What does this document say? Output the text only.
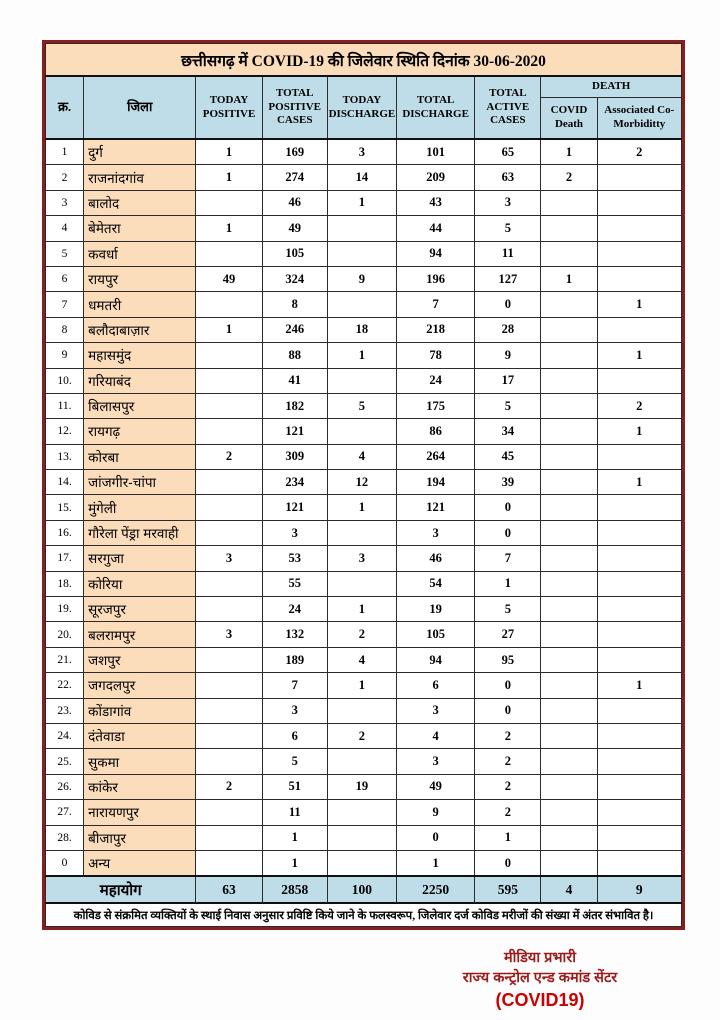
छत्तीसगढ़ में COVID-19 की जिलेवार स्थिति दिनांक 30-06-2020								
क्र.	जिला	TODAY POSITIVE	TOTAL POSITIVE CASES	TODAY DISCHARGE	TOTAL DISCHARGE	TOTAL ACTIVE CASES	DEATH	
							COVID Death	Associated Co-Morbiditty
1	दुर्ग	1	169	3	101	65	1	2
2	राजनांदगांव	1	274	14	209	63	2	
3	बालोद		46	1	43	3		
4	बेमेतरा	1	49		44	5		
5	कवर्धा		105		94	11		
6	रायपुर	49	324	9	196	127	1	
7	धमतरी		8		7	0		1
8	बलौदाबाज़ार	1	246	18	218	28		
9	महासमुंद		88	1	78	9		1
10.	गरियाबंद		41		24	17		
11.	बिलासपुर		182	5	175	5		2
12.	रायगढ़		121		86	34		1
13.	कोरबा	2	309	4	264	45		
14.	जांजगीर-चांपा		234	12	194	39		1
15.	मुंगेली		121	1	121	0		
16.	गौरेला पेंड्रा मरवाही		3		3	0		
17.	सरगुजा	3	53	3	46	7		
18.	कोरिया		55		54	1		
19.	सूरजपुर		24	1	19	5		
20.	बलरामपुर	3	132	2	105	27		
21.	जशपुर		189	4	94	95		
22.	जगदलपुर		7	1	6	0		1
23.	कोंडागांव		3		3	0		
24.	दंतेवाडा		6	2	4	2		
25.	सुकमा		5		3	2		
26.	कांकेर	2	51	19	49	2		
27.	नारायणपुर		11		9	2		
28.	बीजापुर		1		0	1		
0	अन्य		1		1	0		
महायोग		63	2858	100	2250	595	4	9
कोविड से संक्रमित व्यक्तियों के स्थाई निवास अनुसार प्रविष्टि किये जाने के फलस्वरूप, जिलेवार दर्ज कोविड मरीजों की संख्या में अंतर संभावित है।								
मीडिया प्रभारी
राज्य कन्ट्रोल एन्ड कमांड सेंटर
(COVID19)
